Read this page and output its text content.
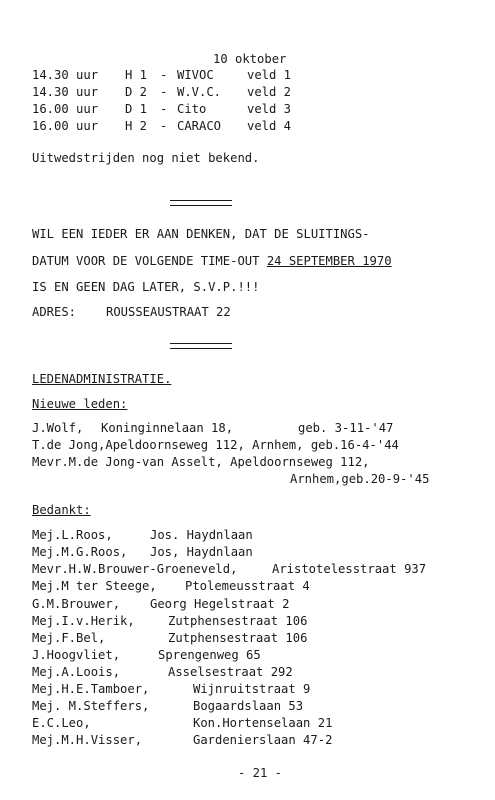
10 oktober
14.30 uur H 1 - WIVOC	veld 1
14.30 uur D 2 - W.V.C. veld 2
16.00 uur D 1 - Cito	veld 3
16.00 uur H 2 - CARACO veld 4
Uitwedstrijden nog niet bekend.
WIL EEN IEDER ER AAN DENKEN, DAT DE SLUITINGS-
DATUM VOOR DE VOLGENDE TIME-OUT 24 SEPTEMBER 1970
IS EN GEEN DAG LATER, S.V.P.!!!
ADRES: ROUSSEAUSTRAAT 22
LEDENADMINISTRATIE.
Nieuwe leden:
J.Wolf, Koninginnelaan 18,	geb. 3-11-'47
T.de Jong,Apeldoornseweg 112, Arnhem, geb.16-4-'44
Mevr.M.de Jong-van Asselt, Apeldoornseweg 112,
Arnhem,geb.20-9-'45
Bedankt:
Mej.L.Roos,	Jos. Haydnlaan
Mej.M.G.Roos, Jos, Haydnlaan
Mevr.H.W.Brouwer-Groeneveld,	Aristotelesstraat 937
Mej.M ter Steege, Ptolemeusstraat 4
G.M.Brouwer, Georg Hegelstraat 2
Mej.I.v.Herik,	Zutphensestraat 106
Mej.F.Bel,	Zutphensestraat 106
J.Hoogvliet,	Sprengenweg 65
Mej.A.Loois,	Asselsestraat 292
Mej.H.E.Tamboer,	Wijnruitstraat 9
Mej. M.Steffers,	Bogaardslaan 53
E.C.Leo,	Kon.Hortenselaan 21
Mej.M.H.Visser,	Gardenierslaan 47-2
- 21 -
